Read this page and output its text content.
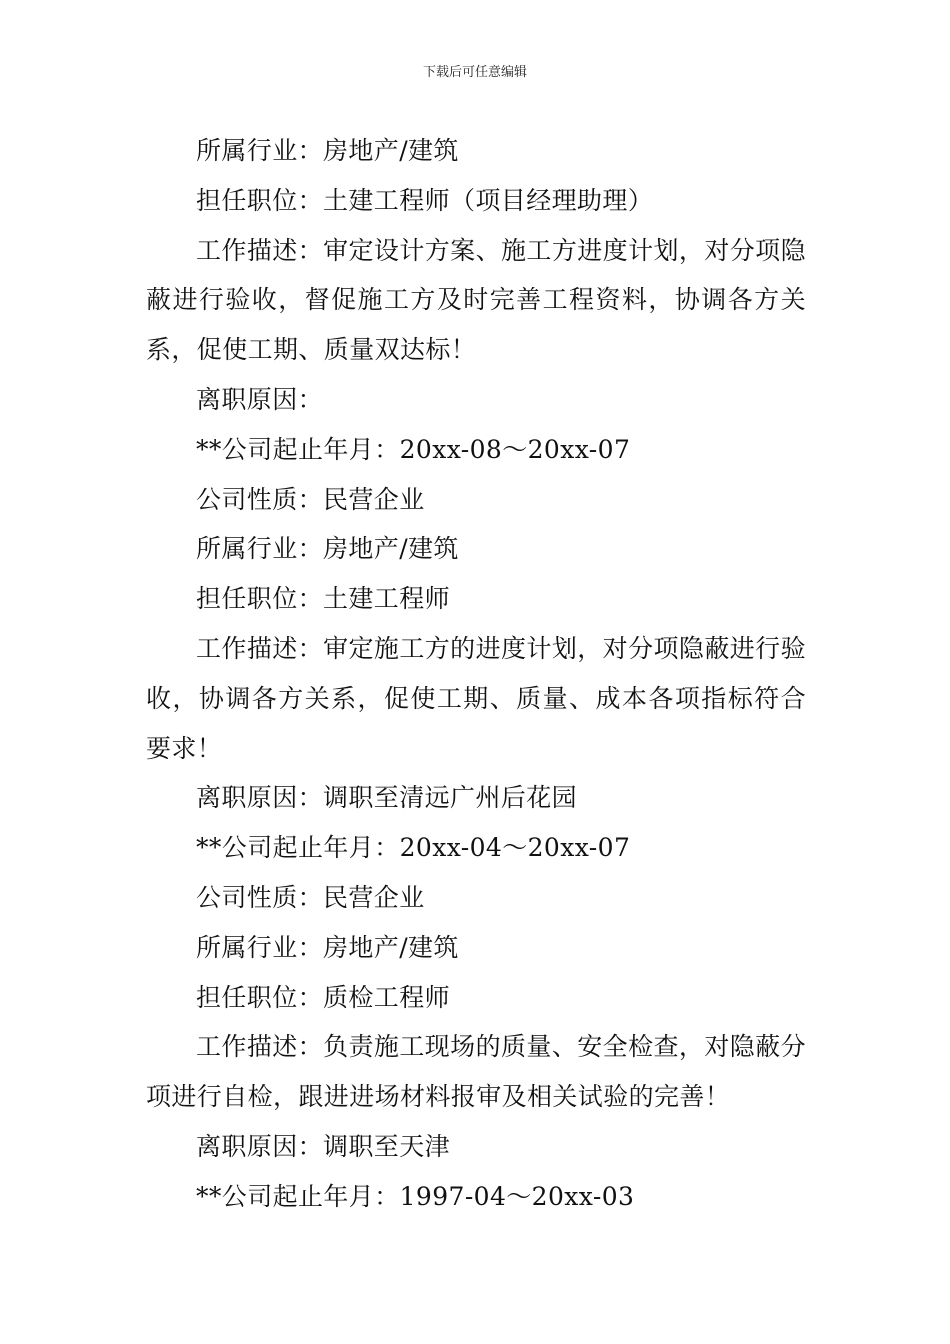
下载后可任意编辑

所属行业：房地产/建筑

担任职位：土建工程师（项目经理助理）

工作描述：审定设计方案、施工方进度计划，对分项隐蔽进行验收，督促施工方及时完善工程资料，协调各方关系，促使工期、质量双达标！

离职原因：

**公司起止年月：20xx-08～20xx-07

公司性质：民营企业

所属行业：房地产/建筑

担任职位：土建工程师

工作描述：审定施工方的进度计划，对分项隐蔽进行验收，协调各方关系，促使工期、质量、成本各项指标符合要求！

离职原因：调职至清远广州后花园

**公司起止年月：20xx-04～20xx-07

公司性质：民营企业

所属行业：房地产/建筑

担任职位：质检工程师

工作描述：负责施工现场的质量、安全检查，对隐蔽分项进行自检，跟进进场材料报审及相关试验的完善！

离职原因：调职至天津

**公司起止年月：1997-04～20xx-03
